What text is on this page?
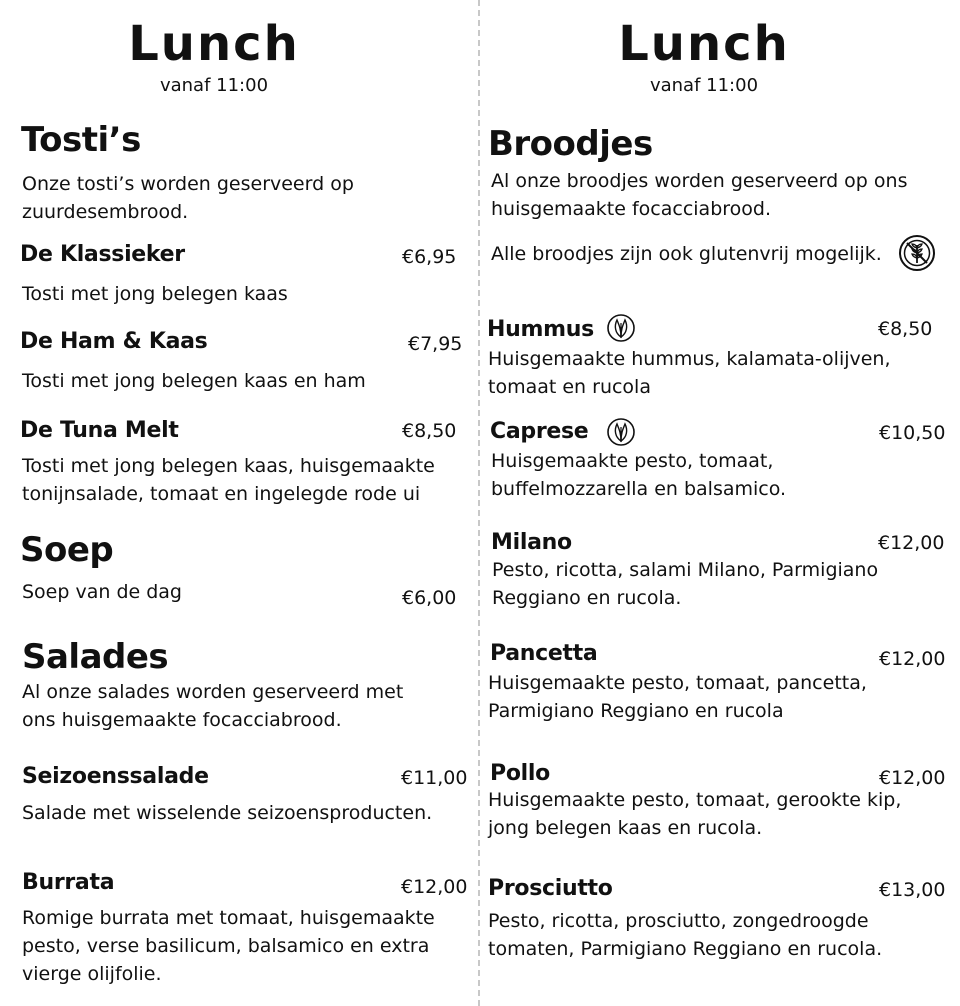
Lunch
vanaf 11:00
Tosti’s
Onze tosti’s worden geserveerd op
zuurdesembrood.
De Klassieker	€6,95
Tosti met jong belegen kaas
De Ham & Kaas	€7,95
Tosti met jong belegen kaas en ham
De Tuna Melt	€8,50
Tosti met jong belegen kaas, huisgemaakte
tonijnsalade, tomaat en ingelegde rode ui
Soep
Soep van de dag	€6,00
Salades
Al onze salades worden geserveerd met
ons huisgemaakte focacciabrood.
Seizoenssalade	€11,00
Salade met wisselende seizoensproducten.
Burrata	€12,00
Romige burrata met tomaat, huisgemaakte
pesto, verse basilicum, balsamico en extra
vierge olijfolie.
Lunch
vanaf 11:00
Broodjes
Al onze broodjes worden geserveerd op ons
huisgemaakte focacciabrood.
Alle broodjes zijn ook glutenvrij mogelijk.
Hummus	€8,50
Huisgemaakte hummus, kalamata-olijven,
tomaat en rucola
Caprese	€10,50
Huisgemaakte pesto, tomaat,
buffelmozzarella en balsamico.
Milano	€12,00
Pesto, ricotta, salami Milano, Parmigiano
Reggiano en rucola.
Pancetta	€12,00
Huisgemaakte pesto, tomaat, pancetta,
Parmigiano Reggiano en rucola
Pollo	€12,00
Huisgemaakte pesto, tomaat, gerookte kip,
jong belegen kaas en rucola.
Prosciutto	€13,00
Pesto, ricotta, prosciutto, zongedroogde
tomaten, Parmigiano Reggiano en rucola.
